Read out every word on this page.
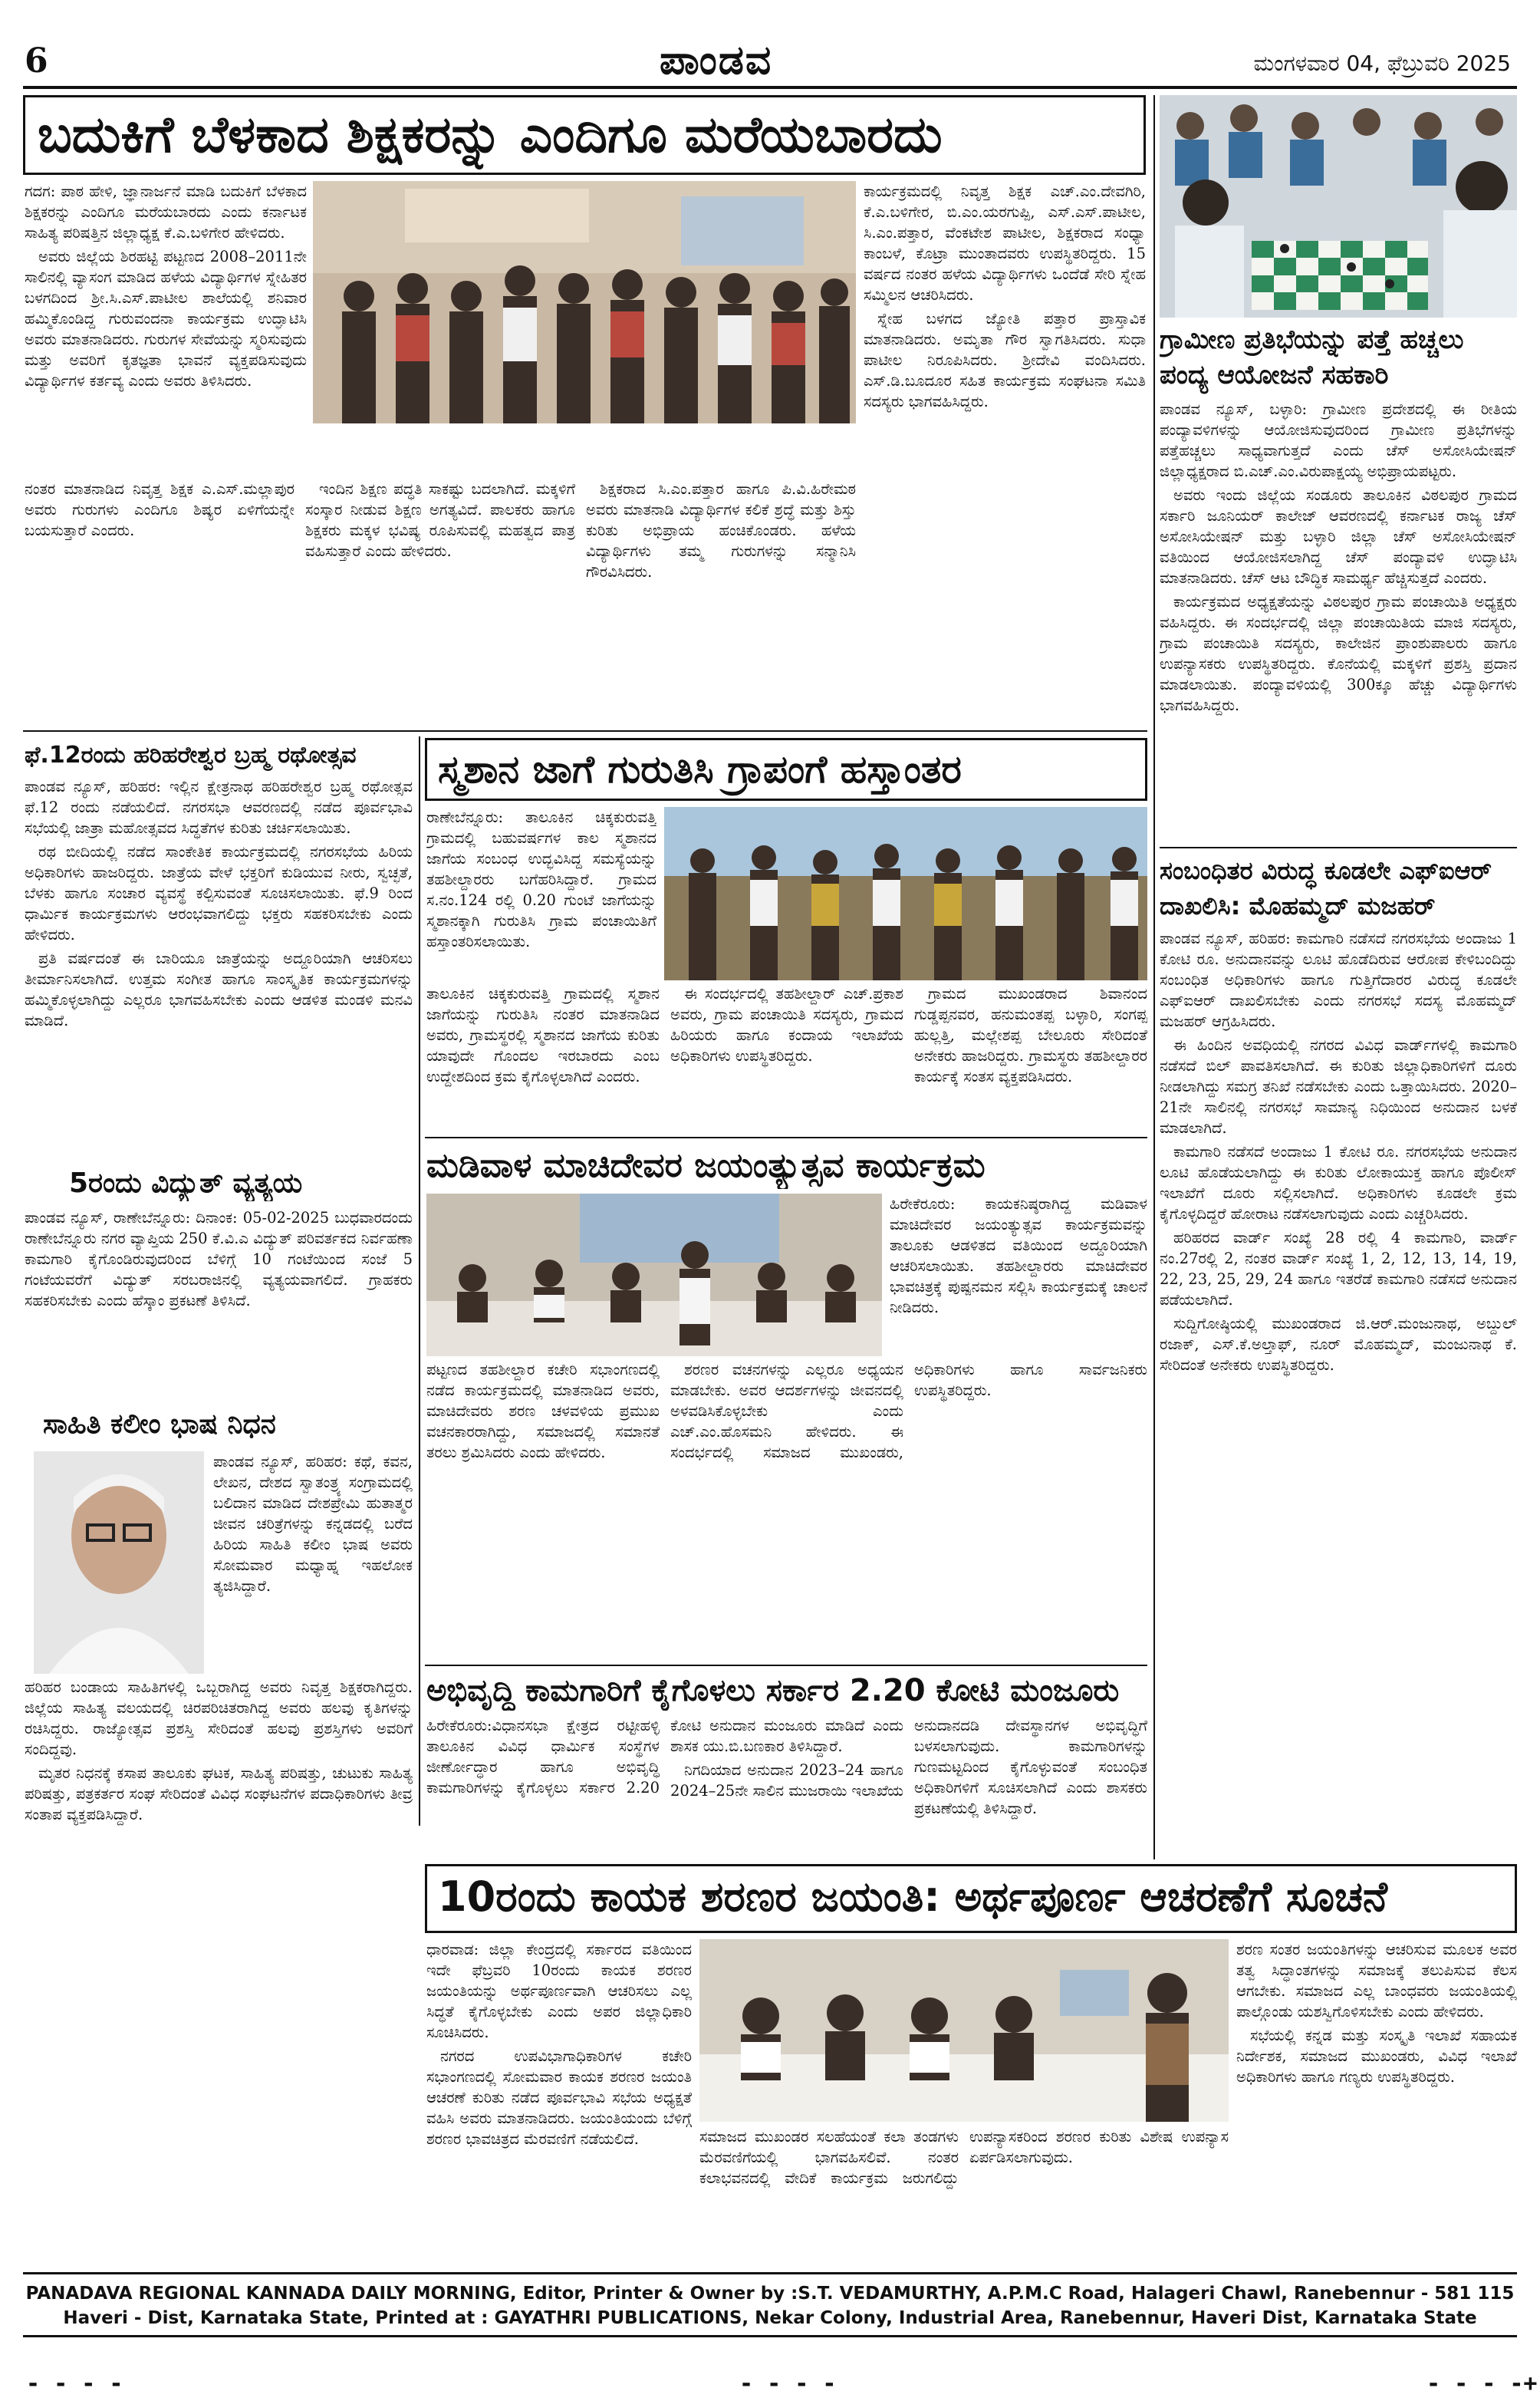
6	ಪಾಂಡವ	ಮಂಗಳವಾರ 04, ಫೆಬ್ರುವರಿ 2025
ಬದುಕಿಗೆ ಬೆಳಕಾದ ಶಿಕ್ಷಕರನ್ನು ಎಂದಿಗೂ ಮರೆಯಬಾರದು

ಗದಗ: ಪಾಠ ಹೇಳಿ, ಜ್ಞಾನಾರ್ಜನೆ ಮಾಡಿ ಬದುಕಿಗೆ ಬೆಳಕಾದ ಶಿಕ್ಷಕರನ್ನು ಎಂದಿಗೂ ಮರೆಯಬಾರದು ಎಂದು ಕರ್ನಾಟಕ ಸಾಹಿತ್ಯ ಪರಿಷತ್ತಿನ ಜಿಲ್ಲಾಧ್ಯಕ್ಷ ಕೆ.ಎ.ಬಳಿಗೇರ ಹೇಳಿದರು.

ಅವರು ಜಿಲ್ಲೆಯ ಶಿರಹಟ್ಟಿ ಪಟ್ಟಣದ 2008–2011ನೇ ಸಾಲಿನಲ್ಲಿ ವ್ಯಾಸಂಗ ಮಾಡಿದ ಹಳೆಯ ವಿದ್ಯಾರ್ಥಿಗಳ ಸ್ನೇಹಿತರ ಬಳಗದಿಂದ ಶ್ರೀ.ಸಿ.ಎಸ್.ಪಾಟೀಲ ಶಾಲೆಯಲ್ಲಿ ಶನಿವಾರ ಹಮ್ಮಿಕೊಂಡಿದ್ದ ಗುರುವಂದನಾ ಕಾರ್ಯಕ್ರಮ ಉದ್ಘಾಟಿಸಿ ಅವರು ಮಾತನಾಡಿದರು. ಗುರುಗಳ ಸೇವೆಯನ್ನು ಸ್ಮರಿಸುವುದು ಮತ್ತು ಅವರಿಗೆ ಕೃತಜ್ಞತಾ ಭಾವನೆ ವ್ಯಕ್ತಪಡಿಸುವುದು ವಿದ್ಯಾರ್ಥಿಗಳ ಕರ್ತವ್ಯ ಎಂದು ಅವರು ತಿಳಿಸಿದರು.

ನಂತರ ಮಾತನಾಡಿದ ನಿವೃತ್ತ ಶಿಕ್ಷಕ ಎ.ಎಸ್.ಮಲ್ಲಾಪುರ ಅವರು ಗುರುಗಳು ಎಂದಿಗೂ ಶಿಷ್ಯರ ಏಳಿಗೆಯನ್ನೇ ಬಯಸುತ್ತಾರೆ ಎಂದರು.

ಇಂದಿನ ಶಿಕ್ಷಣ ಪದ್ಧತಿ ಸಾಕಷ್ಟು ಬದಲಾಗಿದೆ. ಮಕ್ಕಳಿಗೆ ಸಂಸ್ಕಾರ ನೀಡುವ ಶಿಕ್ಷಣ ಅಗತ್ಯವಿದೆ. ಪಾಲಕರು ಹಾಗೂ ಶಿಕ್ಷಕರು ಮಕ್ಕಳ ಭವಿಷ್ಯ ರೂಪಿಸುವಲ್ಲಿ ಮಹತ್ವದ ಪಾತ್ರ ವಹಿಸುತ್ತಾರೆ ಎಂದು ಹೇಳಿದರು.

ಶಿಕ್ಷಕರಾದ ಸಿ.ಎಂ.ಪತ್ತಾರ ಹಾಗೂ ಪಿ.ವಿ.ಹಿರೇಮಠ ಅವರು ಮಾತನಾಡಿ ವಿದ್ಯಾರ್ಥಿಗಳ ಕಲಿಕೆ ಶ್ರದ್ಧೆ ಮತ್ತು ಶಿಸ್ತು ಕುರಿತು ಅಭಿಪ್ರಾಯ ಹಂಚಿಕೊಂಡರು. ಹಳೆಯ ವಿದ್ಯಾರ್ಥಿಗಳು ತಮ್ಮ ಗುರುಗಳನ್ನು ಸನ್ಮಾನಿಸಿ ಗೌರವಿಸಿದರು.

ಕಾರ್ಯಕ್ರಮದಲ್ಲಿ ನಿವೃತ್ತ ಶಿಕ್ಷಕ ಎಚ್.ಎಂ.ದೇವಗಿರಿ, ಕೆ.ಎ.ಬಳಿಗೇರ, ಬಿ.ಎಂ.ಯರಗುಪ್ಪಿ, ಎಸ್.ಎಸ್.ಪಾಟೀಲ, ಸಿ.ಎಂ.ಪತ್ತಾರ, ವೆಂಕಟೇಶ ಪಾಟೀಲ, ಶಿಕ್ಷಕರಾದ ಸಂಧ್ಯಾ ಕಾಂಬಳೆ, ಕೊಟ್ರಾ ಮುಂತಾದವರು ಉಪಸ್ಥಿತರಿದ್ದರು. 15 ವರ್ಷದ ನಂತರ ಹಳೆಯ ವಿದ್ಯಾರ್ಥಿಗಳು ಒಂದೆಡೆ ಸೇರಿ ಸ್ನೇಹ ಸಮ್ಮಿಲನ ಆಚರಿಸಿದರು.

ಸ್ನೇಹ ಬಳಗದ ಜ್ಯೋತಿ ಪತ್ತಾರ ಪ್ರಾಸ್ತಾವಿಕ ಮಾತನಾಡಿದರು. ಅಮೃತಾ ಗೌರ ಸ್ವಾಗತಿಸಿದರು. ಸುಧಾ ಪಾಟೀಲ ನಿರೂಪಿಸಿದರು. ಶ್ರೀದೇವಿ ವಂದಿಸಿದರು. ಎಸ್.ಡಿ.ಬೂದೂರ ಸಹಿತ ಕಾರ್ಯಕ್ರಮ ಸಂಘಟನಾ ಸಮಿತಿ ಸದಸ್ಯರು ಭಾಗವಹಿಸಿದ್ದರು.

ಗ್ರಾಮೀಣ ಪ್ರತಿಭೆಯನ್ನು ಪತ್ತೆ ಹಚ್ಚಲು ಪಂದ್ಯ ಆಯೋಜನೆ ಸಹಕಾರಿ

ಪಾಂಡವ ನ್ಯೂಸ್, ಬಳ್ಳಾರಿ: ಗ್ರಾಮೀಣ ಪ್ರದೇಶದಲ್ಲಿ ಈ ರೀತಿಯ ಪಂದ್ಯಾವಳಿಗಳನ್ನು ಆಯೋಜಿಸುವುದರಿಂದ ಗ್ರಾಮೀಣ ಪ್ರತಿಭೆಗಳನ್ನು ಪತ್ತೆಹಚ್ಚಲು ಸಾಧ್ಯವಾಗುತ್ತದೆ ಎಂದು ಚೆಸ್ ಅಸೋಸಿಯೇಷನ್ ಜಿಲ್ಲಾಧ್ಯಕ್ಷರಾದ ಬಿ.ಎಚ್.ಎಂ.ವಿರುಪಾಕ್ಷಯ್ಯ ಅಭಿಪ್ರಾಯಪಟ್ಟರು.

ಅವರು ಇಂದು ಜಿಲ್ಲೆಯ ಸಂಡೂರು ತಾಲೂಕಿನ ವಿಠಲಪುರ ಗ್ರಾಮದ ಸರ್ಕಾರಿ ಜೂನಿಯರ್ ಕಾಲೇಜ್ ಆವರಣದಲ್ಲಿ ಕರ್ನಾಟಕ ರಾಜ್ಯ ಚೆಸ್ ಅಸೋಸಿಯೇಷನ್ ಮತ್ತು ಬಳ್ಳಾರಿ ಜಿಲ್ಲಾ ಚೆಸ್ ಅಸೋಸಿಯೇಷನ್ ವತಿಯಿಂದ ಆಯೋಜಿಸಲಾಗಿದ್ದ ಚೆಸ್ ಪಂದ್ಯಾವಳಿ ಉದ್ಘಾಟಿಸಿ ಮಾತನಾಡಿದರು. ಚೆಸ್ ಆಟ ಬೌದ್ಧಿಕ ಸಾಮರ್ಥ್ಯ ಹೆಚ್ಚಿಸುತ್ತದೆ ಎಂದರು.

ಕಾರ್ಯಕ್ರಮದ ಅಧ್ಯಕ್ಷತೆಯನ್ನು ವಿಠಲಪುರ ಗ್ರಾಮ ಪಂಚಾಯಿತಿ ಅಧ್ಯಕ್ಷರು ವಹಿಸಿದ್ದರು. ಈ ಸಂದರ್ಭದಲ್ಲಿ ಜಿಲ್ಲಾ ಪಂಚಾಯಿತಿಯ ಮಾಜಿ ಸದಸ್ಯರು, ಗ್ರಾಮ ಪಂಚಾಯಿತಿ ಸದಸ್ಯರು, ಕಾಲೇಜಿನ ಪ್ರಾಂಶುಪಾಲರು ಹಾಗೂ ಉಪನ್ಯಾಸಕರು ಉಪಸ್ಥಿತರಿದ್ದರು. ಕೊನೆಯಲ್ಲಿ ಮಕ್ಕಳಿಗೆ ಪ್ರಶಸ್ತಿ ಪ್ರದಾನ ಮಾಡಲಾಯಿತು. ಪಂದ್ಯಾವಳಿಯಲ್ಲಿ 300ಕ್ಕೂ ಹೆಚ್ಚು ವಿದ್ಯಾರ್ಥಿಗಳು ಭಾಗವಹಿಸಿದ್ದರು.

ಫೆ.12ರಂದು ಹರಿಹರೇಶ್ವರ ಬ್ರಹ್ಮ ರಥೋತ್ಸವ

ಪಾಂಡವ ನ್ಯೂಸ್, ಹರಿಹರ: ಇಲ್ಲಿನ ಕ್ಷೇತ್ರನಾಥ ಹರಿಹರೇಶ್ವರ ಬ್ರಹ್ಮ ರಥೋತ್ಸವ ಫೆ.12 ರಂದು ನಡೆಯಲಿದೆ. ನಗರಸಭಾ ಆವರಣದಲ್ಲಿ ನಡೆದ ಪೂರ್ವಭಾವಿ ಸಭೆಯಲ್ಲಿ ಜಾತ್ರಾ ಮಹೋತ್ಸವದ ಸಿದ್ಧತೆಗಳ ಕುರಿತು ಚರ್ಚಿಸಲಾಯಿತು.

ರಥ ಬೀದಿಯಲ್ಲಿ ನಡೆದ ಸಾಂಕೇತಿಕ ಕಾರ್ಯಕ್ರಮದಲ್ಲಿ ನಗರಸಭೆಯ ಹಿರಿಯ ಅಧಿಕಾರಿಗಳು ಹಾಜರಿದ್ದರು. ಜಾತ್ರೆಯ ವೇಳೆ ಭಕ್ತರಿಗೆ ಕುಡಿಯುವ ನೀರು, ಸ್ವಚ್ಛತೆ, ಬೆಳಕು ಹಾಗೂ ಸಂಚಾರ ವ್ಯವಸ್ಥೆ ಕಲ್ಪಿಸುವಂತೆ ಸೂಚಿಸಲಾಯಿತು. ಫೆ.9 ರಿಂದ ಧಾರ್ಮಿಕ ಕಾರ್ಯಕ್ರಮಗಳು ಆರಂಭವಾಗಲಿದ್ದು ಭಕ್ತರು ಸಹಕರಿಸಬೇಕು ಎಂದು ಹೇಳಿದರು.

ಪ್ರತಿ ವರ್ಷದಂತೆ ಈ ಬಾರಿಯೂ ಜಾತ್ರೆಯನ್ನು ಅದ್ದೂರಿಯಾಗಿ ಆಚರಿಸಲು ತೀರ್ಮಾನಿಸಲಾಗಿದೆ. ಉತ್ತಮ ಸಂಗೀತ ಹಾಗೂ ಸಾಂಸ್ಕೃತಿಕ ಕಾರ್ಯಕ್ರಮಗಳನ್ನು ಹಮ್ಮಿಕೊಳ್ಳಲಾಗಿದ್ದು ಎಲ್ಲರೂ ಭಾಗವಹಿಸಬೇಕು ಎಂದು ಆಡಳಿತ ಮಂಡಳಿ ಮನವಿ ಮಾಡಿದೆ.

5ರಂದು ವಿದ್ಯುತ್ ವ್ಯತ್ಯಯ

ಪಾಂಡವ ನ್ಯೂಸ್, ರಾಣೇಬೆನ್ನೂರು: ದಿನಾಂಕ: 05-02-2025 ಬುಧವಾರದಂದು ರಾಣೇಬೆನ್ನೂರು ನಗರ ವ್ಯಾಪ್ತಿಯ 250 ಕೆ.ವಿ.ಎ ವಿದ್ಯುತ್ ಪರಿವರ್ತಕದ ನಿರ್ವಹಣಾ ಕಾಮಗಾರಿ ಕೈಗೊಂಡಿರುವುದರಿಂದ ಬೆಳಿಗ್ಗೆ 10 ಗಂಟೆಯಿಂದ ಸಂಜೆ 5 ಗಂಟೆಯವರೆಗೆ ವಿದ್ಯುತ್ ಸರಬರಾಜಿನಲ್ಲಿ ವ್ಯತ್ಯಯವಾಗಲಿದೆ. ಗ್ರಾಹಕರು ಸಹಕರಿಸಬೇಕು ಎಂದು ಹೆಸ್ಕಾಂ ಪ್ರಕಟಣೆ ತಿಳಿಸಿದೆ.

ಸಾಹಿತಿ ಕಲೀಂ ಭಾಷ ನಿಧನ

ಪಾಂಡವ ನ್ಯೂಸ್, ಹರಿಹರ: ಕಥೆ, ಕವನ, ಲೇಖನ, ದೇಶದ ಸ್ವಾತಂತ್ರ್ಯ ಸಂಗ್ರಾಮದಲ್ಲಿ ಬಲಿದಾನ ಮಾಡಿದ ದೇಶಪ್ರೇಮಿ ಹುತಾತ್ಮರ ಜೀವನ ಚರಿತ್ರೆಗಳನ್ನು ಕನ್ನಡದಲ್ಲಿ ಬರೆದ ಹಿರಿಯ ಸಾಹಿತಿ ಕಲೀಂ ಭಾಷ ಅವರು ಸೋಮವಾರ ಮಧ್ಯಾಹ್ನ ಇಹಲೋಕ ತ್ಯಜಿಸಿದ್ದಾರೆ.

ಹರಿಹರ ಬಂಡಾಯ ಸಾಹಿತಿಗಳಲ್ಲಿ ಒಬ್ಬರಾಗಿದ್ದ ಅವರು ನಿವೃತ್ತ ಶಿಕ್ಷಕರಾಗಿದ್ದರು. ಜಿಲ್ಲೆಯ ಸಾಹಿತ್ಯ ವಲಯದಲ್ಲಿ ಚಿರಪರಿಚಿತರಾಗಿದ್ದ ಅವರು ಹಲವು ಕೃತಿಗಳನ್ನು ರಚಿಸಿದ್ದರು. ರಾಜ್ಯೋತ್ಸವ ಪ್ರಶಸ್ತಿ ಸೇರಿದಂತೆ ಹಲವು ಪ್ರಶಸ್ತಿಗಳು ಅವರಿಗೆ ಸಂದಿದ್ದವು.

ಮೃತರ ನಿಧನಕ್ಕೆ ಕಸಾಪ ತಾಲೂಕು ಘಟಕ, ಸಾಹಿತ್ಯ ಪರಿಷತ್ತು, ಚುಟುಕು ಸಾಹಿತ್ಯ ಪರಿಷತ್ತು, ಪತ್ರಕರ್ತರ ಸಂಘ ಸೇರಿದಂತೆ ವಿವಿಧ ಸಂಘಟನೆಗಳ ಪದಾಧಿಕಾರಿಗಳು ತೀವ್ರ ಸಂತಾಪ ವ್ಯಕ್ತಪಡಿಸಿದ್ದಾರೆ.

ಸ್ಮಶಾನ ಜಾಗೆ ಗುರುತಿಸಿ ಗ್ರಾಪಂಗೆ ಹಸ್ತಾಂತರ

ರಾಣೇಬೆನ್ನೂರು: ತಾಲೂಕಿನ ಚಿಕ್ಕಕುರುವತ್ತಿ ಗ್ರಾಮದಲ್ಲಿ ಬಹುವರ್ಷಗಳ ಕಾಲ ಸ್ಮಶಾನದ ಜಾಗೆಯ ಸಂಬಂಧ ಉದ್ಭವಿಸಿದ್ದ ಸಮಸ್ಯೆಯನ್ನು ತಹಶೀಲ್ದಾರರು ಬಗೆಹರಿಸಿದ್ದಾರೆ. ಗ್ರಾಮದ ಸ.ನಂ.124 ರಲ್ಲಿ 0.20 ಗುಂಟೆ ಜಾಗೆಯನ್ನು ಸ್ಮಶಾನಕ್ಕಾಗಿ ಗುರುತಿಸಿ ಗ್ರಾಮ ಪಂಚಾಯಿತಿಗೆ ಹಸ್ತಾಂತರಿಸಲಾಯಿತು.

ತಾಲೂಕಿನ ಚಿಕ್ಕಕುರುವತ್ತಿ ಗ್ರಾಮದಲ್ಲಿ ಸ್ಮಶಾನ ಜಾಗೆಯನ್ನು ಗುರುತಿಸಿ ನಂತರ ಮಾತನಾಡಿದ ಅವರು, ಗ್ರಾಮಸ್ಥರಲ್ಲಿ ಸ್ಮಶಾನದ ಜಾಗೆಯ ಕುರಿತು ಯಾವುದೇ ಗೊಂದಲ ಇರಬಾರದು ಎಂಬ ಉದ್ದೇಶದಿಂದ ಕ್ರಮ ಕೈಗೊಳ್ಳಲಾಗಿದೆ ಎಂದರು.

ಈ ಸಂದರ್ಭದಲ್ಲಿ ತಹಶೀಲ್ದಾರ್ ಎಚ್.ಪ್ರಕಾಶ ಅವರು, ಗ್ರಾಮ ಪಂಚಾಯಿತಿ ಸದಸ್ಯರು, ಗ್ರಾಮದ ಹಿರಿಯರು ಹಾಗೂ ಕಂದಾಯ ಇಲಾಖೆಯ ಅಧಿಕಾರಿಗಳು ಉಪಸ್ಥಿತರಿದ್ದರು.

ಗ್ರಾಮದ ಮುಖಂಡರಾದ ಶಿವಾನಂದ ಗುಡ್ಡಪ್ಪನವರ, ಹನುಮಂತಪ್ಪ ಬಳ್ಳಾರಿ, ಸಂಗಪ್ಪ ಹುಲ್ಲತ್ತಿ, ಮಲ್ಲೇಶಪ್ಪ ಬೇಲೂರು ಸೇರಿದಂತೆ ಅನೇಕರು ಹಾಜರಿದ್ದರು. ಗ್ರಾಮಸ್ಥರು ತಹಶೀಲ್ದಾರರ ಕಾರ್ಯಕ್ಕೆ ಸಂತಸ ವ್ಯಕ್ತಪಡಿಸಿದರು.

ಮಡಿವಾಳ ಮಾಚಿದೇವರ ಜಯಂತ್ಯುತ್ಸವ ಕಾರ್ಯಕ್ರಮ

ಹಿರೇಕೆರೂರು: ಕಾಯಕನಿಷ್ಠರಾಗಿದ್ದ ಮಡಿವಾಳ ಮಾಚಿದೇವರ ಜಯಂತ್ಯುತ್ಸವ ಕಾರ್ಯಕ್ರಮವನ್ನು ತಾಲೂಕು ಆಡಳಿತದ ವತಿಯಿಂದ ಅದ್ದೂರಿಯಾಗಿ ಆಚರಿಸಲಾಯಿತು. ತಹಶೀಲ್ದಾರರು ಮಾಚಿದೇವರ ಭಾವಚಿತ್ರಕ್ಕೆ ಪುಷ್ಪನಮನ ಸಲ್ಲಿಸಿ ಕಾರ್ಯಕ್ರಮಕ್ಕೆ ಚಾಲನೆ ನೀಡಿದರು.

ಪಟ್ಟಣದ ತಹಶೀಲ್ದಾರ ಕಚೇರಿ ಸಭಾಂಗಣದಲ್ಲಿ ನಡೆದ ಕಾರ್ಯಕ್ರಮದಲ್ಲಿ ಮಾತನಾಡಿದ ಅವರು, ಮಾಚಿದೇವರು ಶರಣ ಚಳವಳಿಯ ಪ್ರಮುಖ ವಚನಕಾರರಾಗಿದ್ದು, ಸಮಾಜದಲ್ಲಿ ಸಮಾನತೆ ತರಲು ಶ್ರಮಿಸಿದರು ಎಂದು ಹೇಳಿದರು.

ಶರಣರ ವಚನಗಳನ್ನು ಎಲ್ಲರೂ ಅಧ್ಯಯನ ಮಾಡಬೇಕು. ಅವರ ಆದರ್ಶಗಳನ್ನು ಜೀವನದಲ್ಲಿ ಅಳವಡಿಸಿಕೊಳ್ಳಬೇಕು ಎಂದು ಎಚ್.ಎಂ.ಹೊಸಮನಿ ಹೇಳಿದರು. ಈ ಸಂದರ್ಭದಲ್ಲಿ ಸಮಾಜದ ಮುಖಂಡರು, ಅಧಿಕಾರಿಗಳು ಹಾಗೂ ಸಾರ್ವಜನಿಕರು ಉಪಸ್ಥಿತರಿದ್ದರು.

ಸಂಬಂಧಿತರ ವಿರುದ್ಧ ಕೂಡಲೇ ಎಫ್ಐಆರ್ ದಾಖಲಿಸಿ: ಮೊಹಮ್ಮದ್ ಮಜಹರ್

ಪಾಂಡವ ನ್ಯೂಸ್, ಹರಿಹರ: ಕಾಮಗಾರಿ ನಡೆಸದೆ ನಗರಸಭೆಯ ಅಂದಾಜು 1 ಕೋಟಿ ರೂ. ಅನುದಾನವನ್ನು ಲೂಟಿ ಹೊಡೆದಿರುವ ಆರೋಪ ಕೇಳಿಬಂದಿದ್ದು ಸಂಬಂಧಿತ ಅಧಿಕಾರಿಗಳು ಹಾಗೂ ಗುತ್ತಿಗೆದಾರರ ವಿರುದ್ಧ ಕೂಡಲೇ ಎಫ್ಐಆರ್ ದಾಖಲಿಸಬೇಕು ಎಂದು ನಗರಸಭೆ ಸದಸ್ಯ ಮೊಹಮ್ಮದ್ ಮಜಹರ್ ಆಗ್ರಹಿಸಿದರು.

ಈ ಹಿಂದಿನ ಅವಧಿಯಲ್ಲಿ ನಗರದ ವಿವಿಧ ವಾರ್ಡ್‌ಗಳಲ್ಲಿ ಕಾಮಗಾರಿ ನಡೆಸದೆ ಬಿಲ್ ಪಾವತಿಸಲಾಗಿದೆ. ಈ ಕುರಿತು ಜಿಲ್ಲಾಧಿಕಾರಿಗಳಿಗೆ ದೂರು ನೀಡಲಾಗಿದ್ದು ಸಮಗ್ರ ತನಿಖೆ ನಡೆಸಬೇಕು ಎಂದು ಒತ್ತಾಯಿಸಿದರು. 2020–21ನೇ ಸಾಲಿನಲ್ಲಿ ನಗರಸಭೆ ಸಾಮಾನ್ಯ ನಿಧಿಯಿಂದ ಅನುದಾನ ಬಳಕೆ ಮಾಡಲಾಗಿದೆ.

ಕಾಮಗಾರಿ ನಡೆಸದೆ ಅಂದಾಜು 1 ಕೋಟಿ ರೂ. ನಗರಸಭೆಯ ಅನುದಾನ ಲೂಟಿ ಹೊಡೆಯಲಾಗಿದ್ದು ಈ ಕುರಿತು ಲೋಕಾಯುಕ್ತ ಹಾಗೂ ಪೊಲೀಸ್ ಇಲಾಖೆಗೆ ದೂರು ಸಲ್ಲಿಸಲಾಗಿದೆ. ಅಧಿಕಾರಿಗಳು ಕೂಡಲೇ ಕ್ರಮ ಕೈಗೊಳ್ಳದಿದ್ದರೆ ಹೋರಾಟ ನಡೆಸಲಾಗುವುದು ಎಂದು ಎಚ್ಚರಿಸಿದರು.

ಹರಿಹರದ ವಾರ್ಡ್ ಸಂಖ್ಯೆ 28 ರಲ್ಲಿ 4 ಕಾಮಗಾರಿ, ವಾರ್ಡ್ ನಂ.27ರಲ್ಲಿ 2, ನಂತರ ವಾರ್ಡ್ ಸಂಖ್ಯೆ 1, 2, 12, 13, 14, 19, 22, 23, 25, 29, 24 ಹಾಗೂ ಇತರೆಡೆ ಕಾಮಗಾರಿ ನಡೆಸದೆ ಅನುದಾನ ಪಡೆಯಲಾಗಿದೆ.

ಸುದ್ದಿಗೋಷ್ಠಿಯಲ್ಲಿ ಮುಖಂಡರಾದ ಜಿ.ಆರ್.ಮಂಜುನಾಥ, ಅಬ್ದುಲ್ ರಜಾಕ್, ಎಸ್.ಕೆ.ಅಲ್ತಾಫ್, ನೂರ್ ಮೊಹಮ್ಮದ್, ಮಂಜುನಾಥ ಕೆ. ಸೇರಿದಂತೆ ಅನೇಕರು ಉಪಸ್ಥಿತರಿದ್ದರು.

ಅಭಿವೃದ್ಧಿ ಕಾಮಗಾರಿಗೆ ಕೈಗೊಳಲು ಸರ್ಕಾರ 2.20 ಕೋಟಿ ಮಂಜೂರು

ಹಿರೇಕೆರೂರು:ವಿಧಾನಸಭಾ ಕ್ಷೇತ್ರದ ರಟ್ಟೀಹಳ್ಳಿ ತಾಲೂಕಿನ ವಿವಿಧ ಧಾರ್ಮಿಕ ಸಂಸ್ಥೆಗಳ ಜೀರ್ಣೋದ್ಧಾರ ಹಾಗೂ ಅಭಿವೃದ್ಧಿ ಕಾಮಗಾರಿಗಳನ್ನು ಕೈಗೊಳ್ಳಲು ಸರ್ಕಾರ 2.20 ಕೋಟಿ ಅನುದಾನ ಮಂಜೂರು ಮಾಡಿದೆ ಎಂದು ಶಾಸಕ ಯು.ಬಿ.ಬಣಕಾರ ತಿಳಿಸಿದ್ದಾರೆ.

ನಿಗದಿಯಾದ ಅನುದಾನ 2023–24 ಹಾಗೂ 2024–25ನೇ ಸಾಲಿನ ಮುಜರಾಯಿ ಇಲಾಖೆಯ ಅನುದಾನದಡಿ ದೇವಸ್ಥಾನಗಳ ಅಭಿವೃದ್ಧಿಗೆ ಬಳಸಲಾಗುವುದು. ಕಾಮಗಾರಿಗಳನ್ನು ಗುಣಮಟ್ಟದಿಂದ ಕೈಗೊಳ್ಳುವಂತೆ ಸಂಬಂಧಿತ ಅಧಿಕಾರಿಗಳಿಗೆ ಸೂಚಿಸಲಾಗಿದೆ ಎಂದು ಶಾಸಕರು ಪ್ರಕಟಣೆಯಲ್ಲಿ ತಿಳಿಸಿದ್ದಾರೆ.

10ರಂದು ಕಾಯಕ ಶರಣರ ಜಯಂತಿ: ಅರ್ಥಪೂರ್ಣ ಆಚರಣೆಗೆ ಸೂಚನೆ

ಧಾರವಾಡ: ಜಿಲ್ಲಾ ಕೇಂದ್ರದಲ್ಲಿ ಸರ್ಕಾರದ ವತಿಯಿಂದ ಇದೇ ಫೆಬ್ರವರಿ 10ರಂದು ಕಾಯಕ ಶರಣರ ಜಯಂತಿಯನ್ನು ಅರ್ಥಪೂರ್ಣವಾಗಿ ಆಚರಿಸಲು ಎಲ್ಲ ಸಿದ್ಧತೆ ಕೈಗೊಳ್ಳಬೇಕು ಎಂದು ಅಪರ ಜಿಲ್ಲಾಧಿಕಾರಿ ಸೂಚಿಸಿದರು.

ನಗರದ ಉಪವಿಭಾಗಾಧಿಕಾರಿಗಳ ಕಚೇರಿ ಸಭಾಂಗಣದಲ್ಲಿ ಸೋಮವಾರ ಕಾಯಕ ಶರಣರ ಜಯಂತಿ ಆಚರಣೆ ಕುರಿತು ನಡೆದ ಪೂರ್ವಭಾವಿ ಸಭೆಯ ಅಧ್ಯಕ್ಷತೆ ವಹಿಸಿ ಅವರು ಮಾತನಾಡಿದರು. ಜಯಂತಿಯಂದು ಬೆಳಿಗ್ಗೆ ಶರಣರ ಭಾವಚಿತ್ರದ ಮೆರವಣಿಗೆ ನಡೆಯಲಿದೆ.

ಶರಣ ಸಂತರ ಜಯಂತಿಗಳನ್ನು ಆಚರಿಸುವ ಮೂಲಕ ಅವರ ತತ್ವ ಸಿದ್ಧಾಂತಗಳನ್ನು ಸಮಾಜಕ್ಕೆ ತಲುಪಿಸುವ ಕೆಲಸ ಆಗಬೇಕು. ಸಮಾಜದ ಎಲ್ಲ ಬಾಂಧವರು ಜಯಂತಿಯಲ್ಲಿ ಪಾಲ್ಗೊಂಡು ಯಶಸ್ವಿಗೊಳಿಸಬೇಕು ಎಂದು ಹೇಳಿದರು.

ಸಭೆಯಲ್ಲಿ ಕನ್ನಡ ಮತ್ತು ಸಂಸ್ಕೃತಿ ಇಲಾಖೆ ಸಹಾಯಕ ನಿರ್ದೇಶಕ, ಸಮಾಜದ ಮುಖಂಡರು, ವಿವಿಧ ಇಲಾಖೆ ಅಧಿಕಾರಿಗಳು ಹಾಗೂ ಗಣ್ಯರು ಉಪಸ್ಥಿತರಿದ್ದರು.

ಸಮಾಜದ ಮುಖಂಡರ ಸಲಹೆಯಂತೆ ಕಲಾ ತಂಡಗಳು ಮೆರವಣಿಗೆಯಲ್ಲಿ ಭಾಗವಹಿಸಲಿವೆ. ನಂತರ ಕಲಾಭವನದಲ್ಲಿ ವೇದಿಕೆ ಕಾರ್ಯಕ್ರಮ ಜರುಗಲಿದ್ದು ಉಪನ್ಯಾಸಕರಿಂದ ಶರಣರ ಕುರಿತು ವಿಶೇಷ ಉಪನ್ಯಾಸ ಏರ್ಪಡಿಸಲಾಗುವುದು.

PANADAVA REGIONAL KANNADA DAILY MORNING, Editor, Printer & Owner by :S.T. VEDAMURTHY, A.P.M.C Road, Halageri Chawl, Ranebennur - 581 115
Haveri - Dist, Karnataka State, Printed at : GAYATHRI PUBLICATIONS, Nekar Colony, Industrial Area, Ranebennur, Haveri Dist, Karnataka State
- - - -	- - - -	- - - -+
